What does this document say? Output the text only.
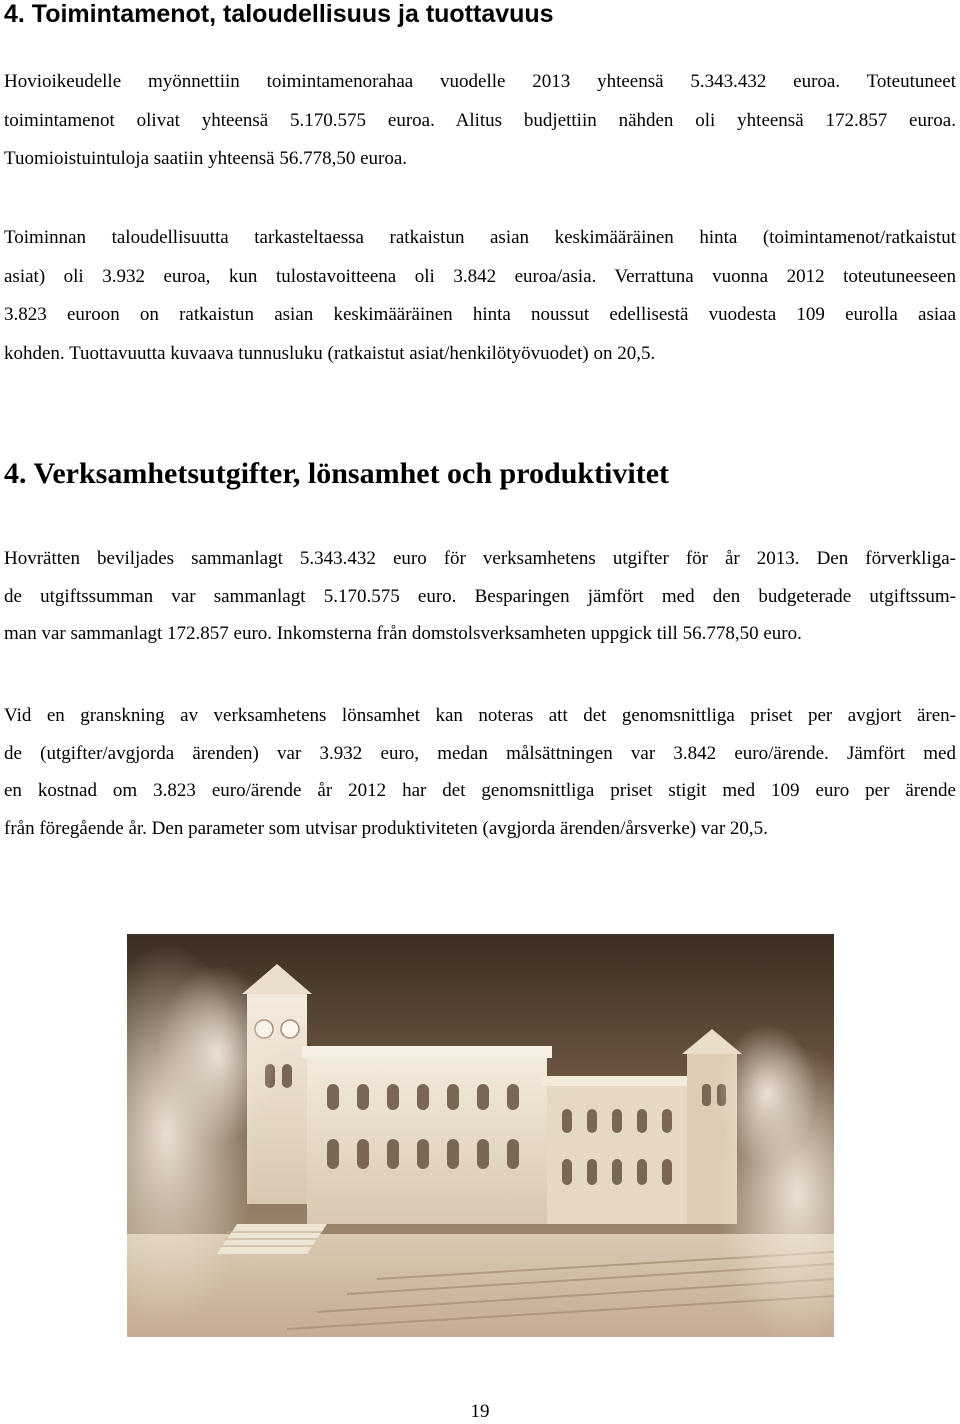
4. Toimintamenot, taloudellisuus ja tuottavuus

Hovioikeudelle myönnettiin toimintamenorahaa vuodelle 2013 yhteensä 5.343.432 euroa. Toteutuneet
toimintamenot olivat yhteensä 5.170.575 euroa. Alitus budjettiin nähden oli yhteensä 172.857 euroa.
Tuomioistuintuloja saatiin yhteensä 56.778,50 euroa.

Toiminnan taloudellisuutta tarkasteltaessa ratkaistun asian keskimääräinen hinta (toimintamenot/ratkaistut
asiat) oli 3.932 euroa, kun tulostavoitteena oli 3.842 euroa/asia. Verrattuna vuonna 2012 toteutuneeseen
3.823 euroon on ratkaistun asian keskimääräinen hinta noussut edellisestä vuodesta 109 eurolla asiaa
kohden. Tuottavuutta kuvaava tunnusluku (ratkaistut asiat/henkilötyövuodet) on 20,5.

4. Verksamhetsutgifter, lönsamhet och produktivitet

Hovrätten beviljades sammanlagt 5.343.432 euro för verksamhetens utgifter för år 2013. Den förverkliga-
de utgiftssumman var sammanlagt 5.170.575 euro. Besparingen jämfört med den budgeterade utgiftssum-
man var sammanlagt 172.857 euro. Inkomsterna från domstolsverksamheten uppgick till 56.778,50 euro.

Vid en granskning av verksamhetens lönsamhet kan noteras att det genomsnittliga priset per avgjort ären-
de (utgifter/avgjorda ärenden) var 3.932 euro, medan målsättningen var 3.842 euro/ärende. Jämfört med
en kostnad om 3.823 euro/ärende år 2012 har det genomsnittliga priset stigit med 109 euro per ärende
från föregående år. Den parameter som utvisar produktiviteten (avgjorda ärenden/årsverke) var 20,5.

19
